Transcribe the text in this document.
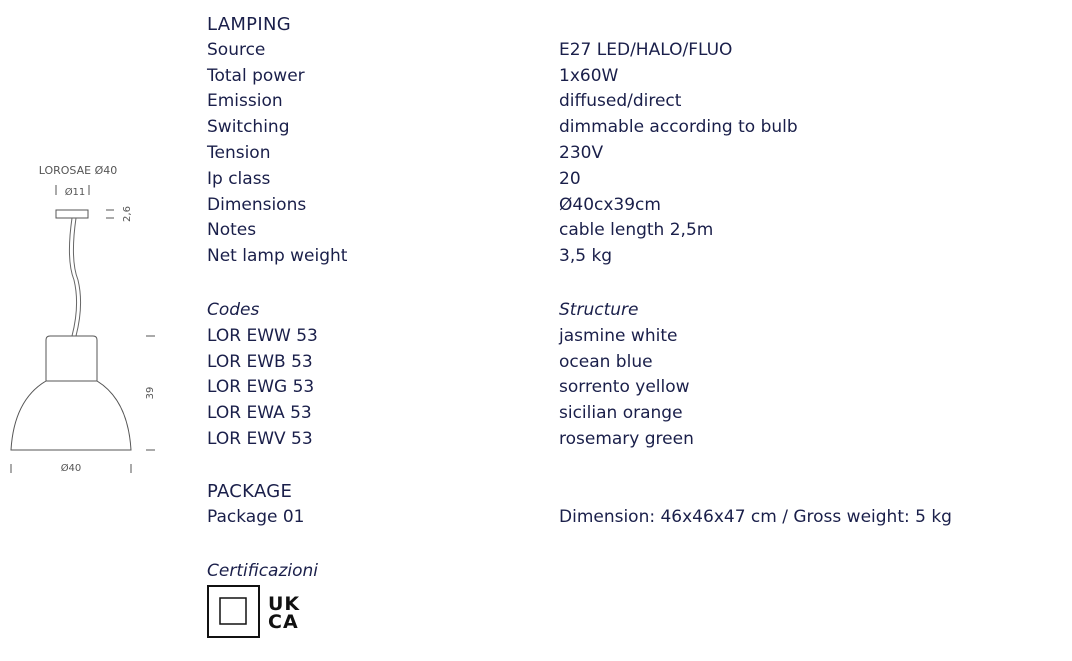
LOROSAE Ø40
Ø11
2,6
39
Ø40
LAMPING
Source	E27 LED/HALO/FLUO
Total power	1x60W
Emission	diffused/direct
Switching	dimmable according to bulb
Tension	230V
Ip class	20
Dimensions	Ø40cx39cm
Notes	cable length 2,5m
Net lamp weight	3,5 kg
Codes	Structure
LOR EWW 53	jasmine white
LOR EWB 53	ocean blue
LOR EWG 53	sorrento yellow
LOR EWA 53	sicilian orange
LOR EWV 53	rosemary green
PACKAGE
Package 01	Dimension: 46x46x47 cm / Gross weight: 5 kg
Certificazioni
UK
CA
